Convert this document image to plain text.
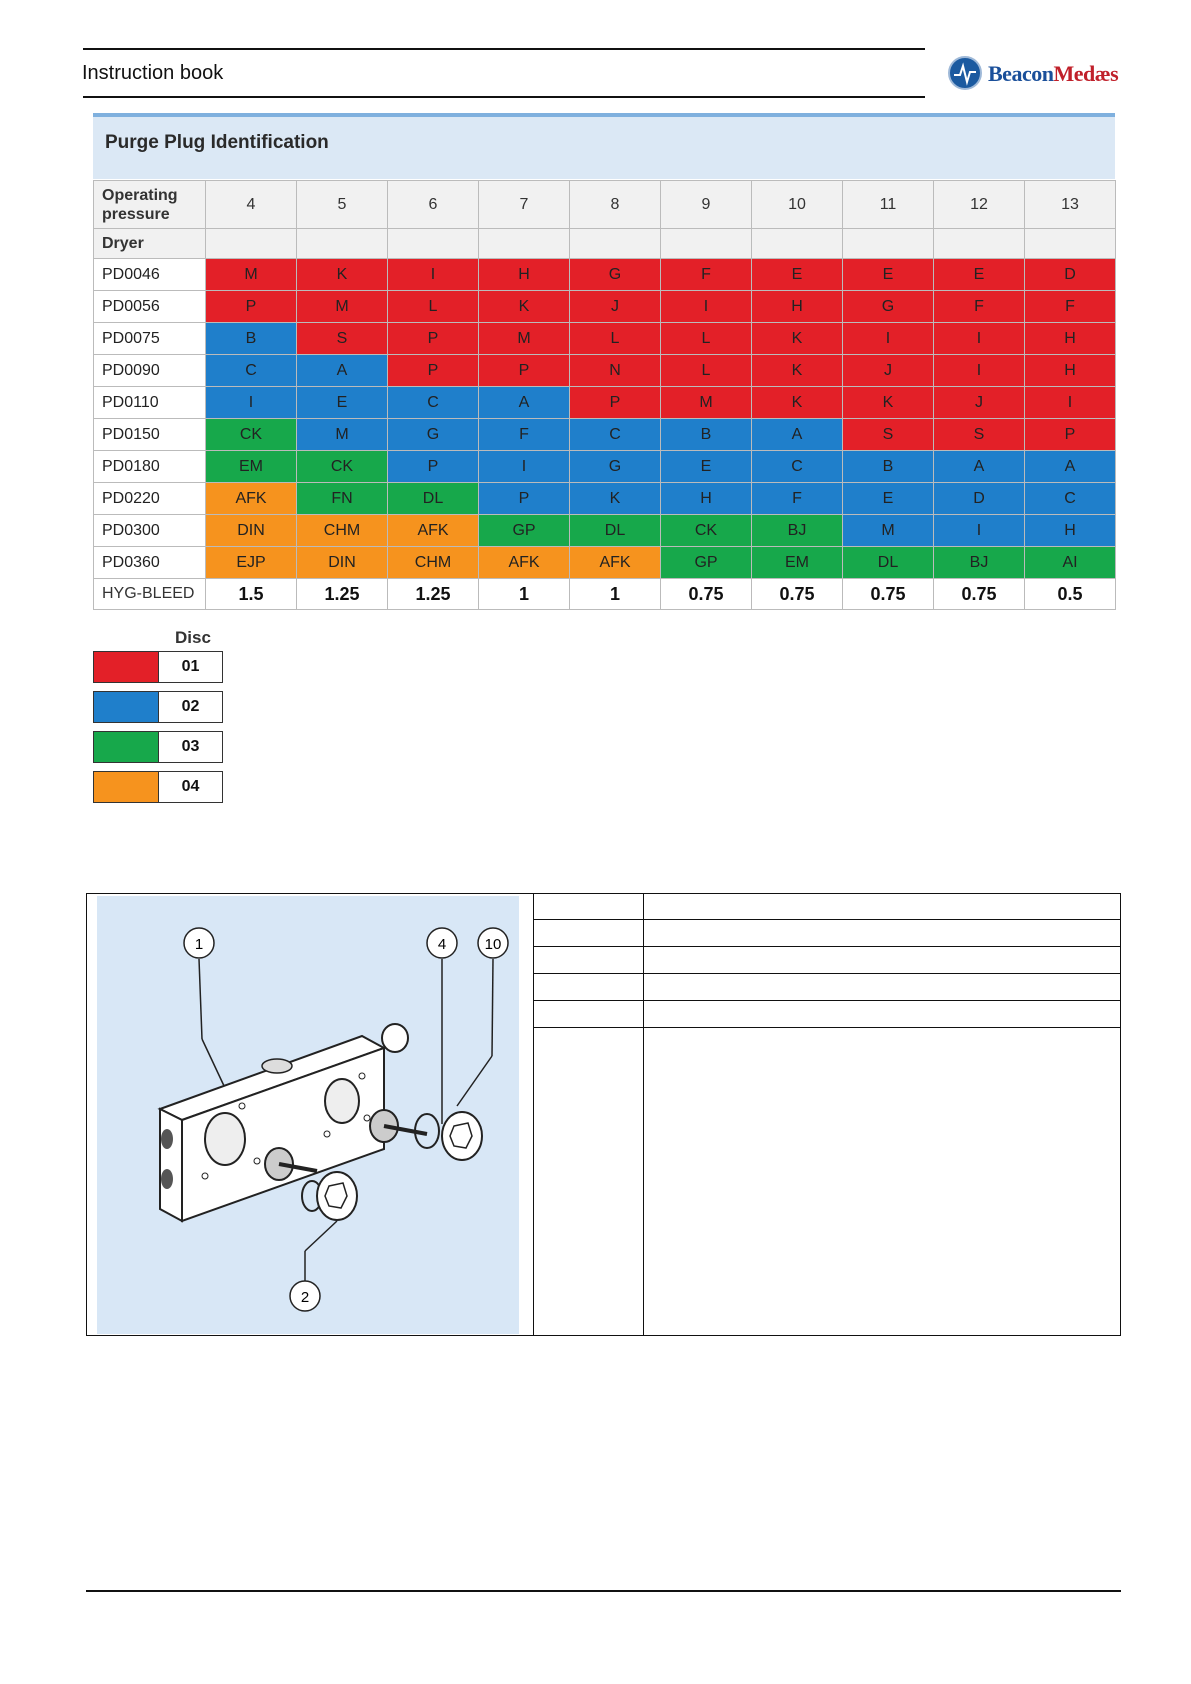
Instruction book	BeaconMedæs
Purge Plug Identification
Operating pressure	4	5	6	7	8	9	10	11	12	13
Dryer										
PD0046	M	K	I	H	G	F	E	E	E	D
PD0056	P	M	L	K	J	I	H	G	F	F
PD0075	B	S	P	M	L	L	K	I	I	H
PD0090	C	A	P	P	N	L	K	J	I	H
PD0110	I	E	C	A	P	M	K	K	J	I
PD0150	CK	M	G	F	C	B	A	S	S	P
PD0180	EM	CK	P	I	G	E	C	B	A	A
PD0220	AFK	FN	DL	P	K	H	F	E	D	C
PD0300	DIN	CHM	AFK	GP	DL	CK	BJ	M	I	H
PD0360	EJP	DIN	CHM	AFK	AFK	GP	EM	DL	BJ	AI
HYG-BLEED	1.5	1.25	1.25	1	1	0.75	0.75	0.75	0.75	0.5
Disc
01
02
03
04
1	4	10
2
